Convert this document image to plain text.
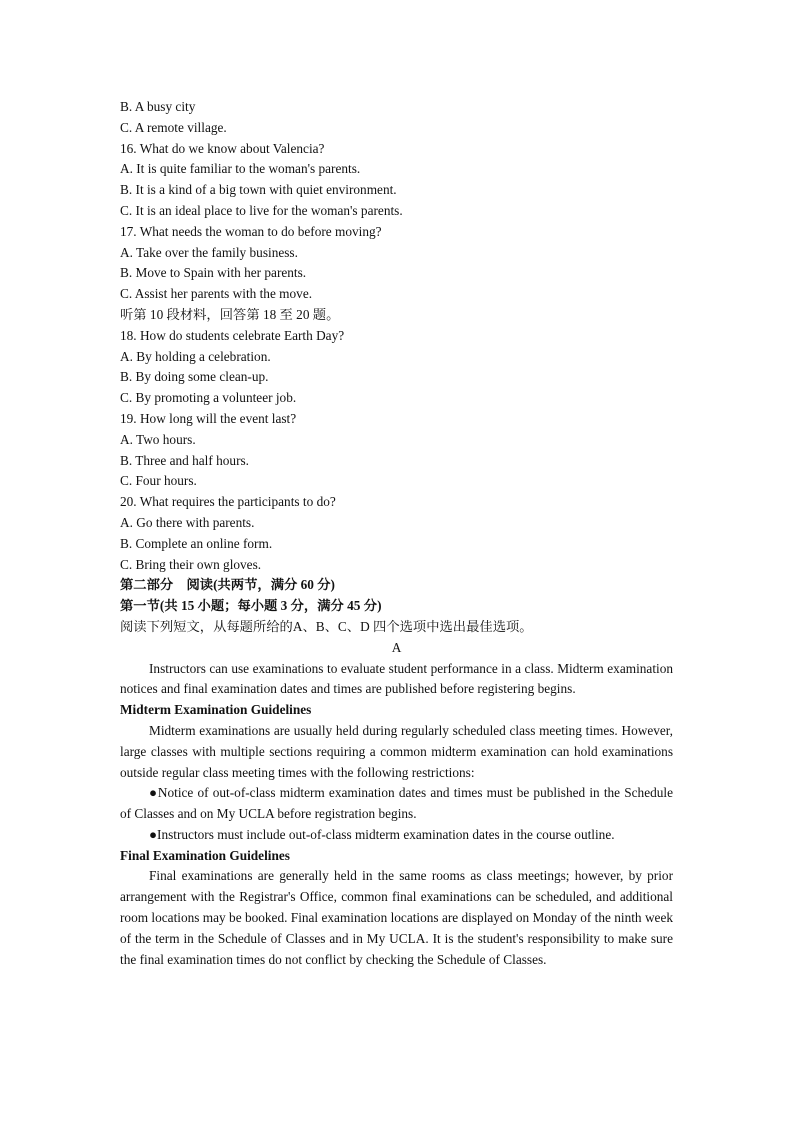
B. A busy city
C. A remote village.
16. What do we know about Valencia?
A. It is quite familiar to the woman's parents.
B. It is a kind of a big town with quiet environment.
C. It is an ideal place to live for the woman's parents.
17. What needs the woman to do before moving?
A. Take over the family business.
B. Move to Spain with her parents.
C. Assist her parents with the move.
听第 10 段材料，回答第 18 至 20 题。
18. How do students celebrate Earth Day?
A. By holding a celebration.
B. By doing some clean-up.
C. By promoting a volunteer job.
19. How long will the event last?
A. Two hours.
B. Three and half hours.
C. Four hours.
20. What requires the participants to do?
A. Go there with parents.
B. Complete an online form.
C. Bring their own gloves.
第二部分　阅读(共两节，满分 60 分)
第一节(共 15 小题；每小题 3 分，满分 45 分)
阅读下列短文，从每题所给的A、B、C、D 四个选项中选出最佳选项。
A
Instructors can use examinations to evaluate student performance in a class. Midterm examination notices and final examination dates and times are published before registering begins.
Midterm Examination Guidelines
Midterm examinations are usually held during regularly scheduled class meeting times. However, large classes with multiple sections requiring a common midterm examination can hold examinations outside regular class meeting times with the following restrictions:
●Notice of out-of-class midterm examination dates and times must be published in the Schedule of Classes and on My UCLA before registration begins.
●Instructors must include out-of-class midterm examination dates in the course outline.
Final Examination Guidelines
Final examinations are generally held in the same rooms as class meetings; however, by prior arrangement with the Registrar's Office, common final examinations can be scheduled, and additional room locations may be booked. Final examination locations are displayed on Monday of the ninth week of the term in the Schedule of Classes and in My UCLA. It is the student's responsibility to make sure the final examination times do not conflict by checking the Schedule of Classes.
